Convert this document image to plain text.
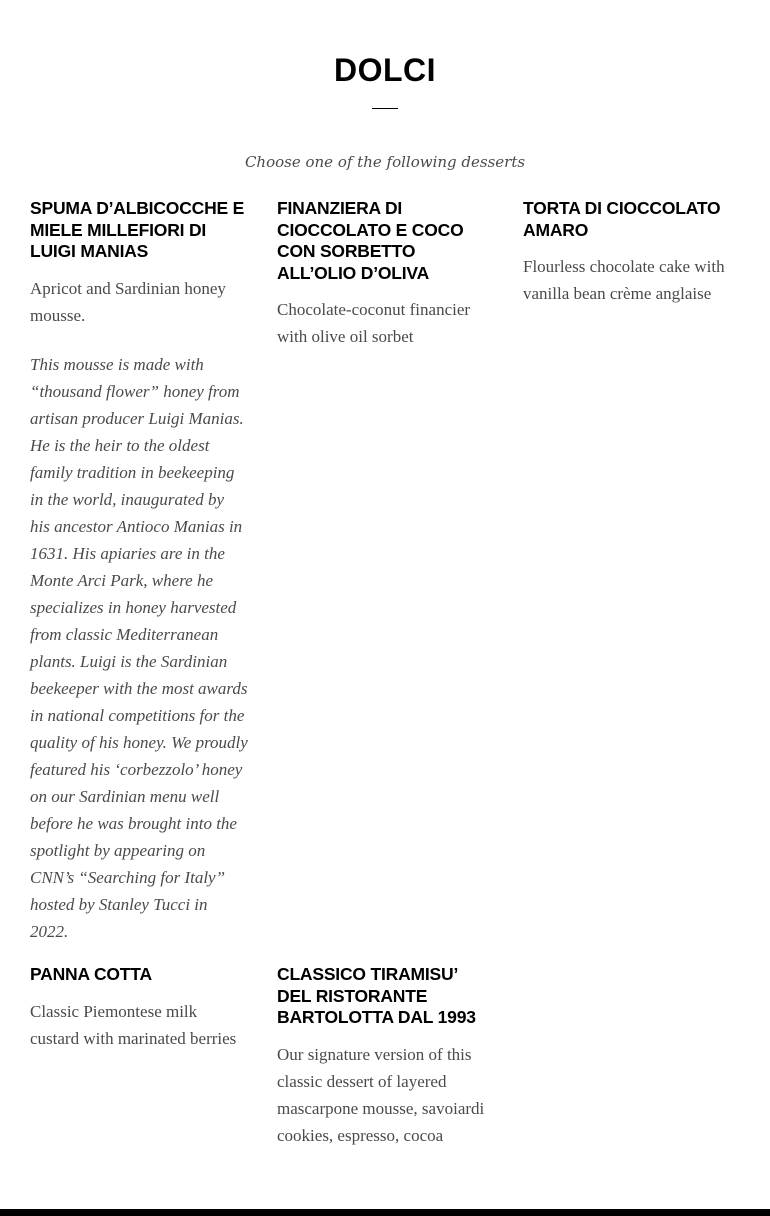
DOLCI

Choose one of the following desserts

SPUMA D’ALBICOCCHE E MIELE MILLEFIORI DI LUIGI MANIAS

Apricot and Sardinian honey mousse.

This mousse is made with “thousand flower” honey from artisan producer Luigi Manias. He is the heir to the oldest family tradition in beekeeping in the world, inaugurated by his ancestor Antioco Manias in 1631. His apiaries are in the Monte Arci Park, where he specializes in honey harvested from classic Mediterranean plants. Luigi is the Sardinian beekeeper with the most awards in national competitions for the quality of his honey. We proudly featured his ‘corbezzolo’ honey on our Sardinian menu well before he was brought into the spotlight by appearing on CNN’s “Searching for Italy” hosted by Stanley Tucci in 2022.

FINANZIERA DI CIOCCOLATO E COCO CON SORBETTO ALL’OLIO D’OLIVA

Chocolate-coconut financier with olive oil sorbet

TORTA DI CIOCCOLATO AMARO

Flourless chocolate cake with vanilla bean crème anglaise

PANNA COTTA

Classic Piemontese milk custard with marinated berries

CLASSICO TIRAMISU’ DEL RISTORANTE BARTOLOTTA DAL 1993

Our signature version of this classic dessert of layered mascarpone mousse, savoiardi cookies, espresso, cocoa
